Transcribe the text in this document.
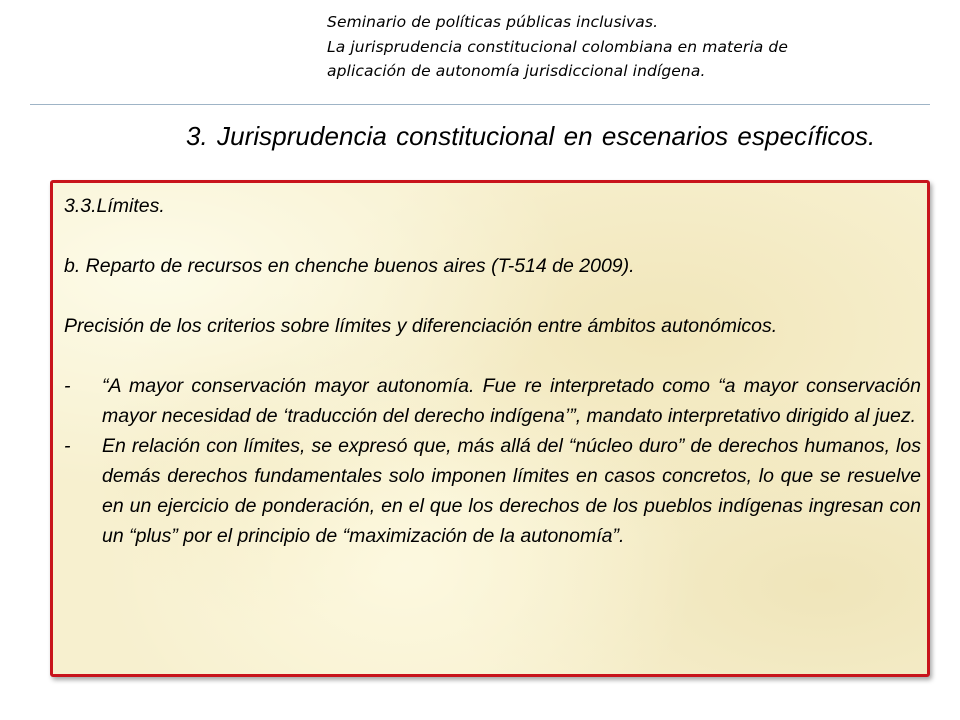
Seminario de políticas públicas inclusivas.
La jurisprudencia constitucional colombiana en materia de
aplicación de autonomía jurisdiccional indígena.
3. Jurisprudencia constitucional en escenarios específicos.

3.3.Límites.

b. Reparto de recursos en chenche buenos aires (T-514 de 2009).

Precisión de los criterios sobre límites y diferenciación entre ámbitos autonómicos.

-	“A mayor conservación mayor autonomía. Fue re interpretado como “a mayor conservación mayor necesidad de ‘traducción del derecho indígena’”, mandato interpretativo dirigido al juez.
-	En relación con límites, se expresó que, más allá del “núcleo duro” de derechos humanos, los demás derechos fundamentales solo imponen límites en casos concretos, lo que se resuelve en un ejercicio de ponderación, en el que los derechos de los pueblos indígenas ingresan con un “plus” por el principio de “maximización de la autonomía”.
